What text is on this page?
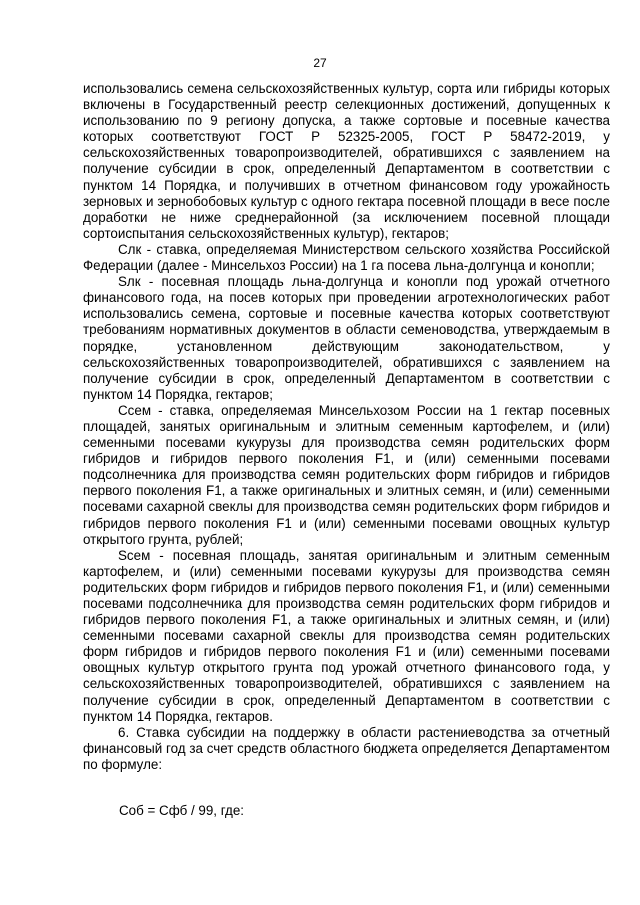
27

использовались семена сельскохозяйственных культур, сорта или гибриды которых включены в Государственный реестр селекционных достижений, допущенных к использованию по 9 региону допуска, а также сортовые и посевные качества которых соответствуют ГОСТ Р 52325-2005, ГОСТ Р 58472-2019, у сельскохозяйственных товаропроизводителей, обратившихся с заявлением на получение субсидии в срок, определенный Департаментом в соответствии с пунктом 14 Порядка, и получивших в отчетном финансовом году урожайность зерновых и зернобобовых культур с одного гектара посевной площади в весе после доработки не ниже среднерайонной (за исключением посевной площади сортоиспытания сельскохозяйственных культур), гектаров;

Слк - ставка, определяемая Министерством сельского хозяйства Российской Федерации (далее - Минсельхоз России) на 1 га посева льна-долгунца и конопли;

Sлк - посевная площадь льна-долгунца и конопли под урожай отчетного финансового года, на посев которых при проведении агротехнологических работ использовались семена, сортовые и посевные качества которых соответствуют требованиям нормативных документов в области семеноводства, утверждаемым в порядке, установленном действующим законодательством, у сельскохозяйственных товаропроизводителей, обратившихся с заявлением на получение субсидии в срок, определенный Департаментом в соответствии с пунктом 14 Порядка, гектаров;

Ссем - ставка, определяемая Минсельхозом России на 1 гектар посевных площадей, занятых оригинальным и элитным семенным картофелем, и (или) семенными посевами кукурузы для производства семян родительских форм гибридов и гибридов первого поколения F1, и (или) семенными посевами подсолнечника для производства семян родительских форм гибридов и гибридов первого поколения F1, а также оригинальных и элитных семян, и (или) семенными посевами сахарной свеклы для производства семян родительских форм гибридов и гибридов первого поколения F1 и (или) семенными посевами овощных культур открытого грунта, рублей;

Sсем - посевная площадь, занятая оригинальным и элитным семенным картофелем, и (или) семенными посевами кукурузы для производства семян родительских форм гибридов и гибридов первого поколения F1, и (или) семенными посевами подсолнечника для производства семян родительских форм гибридов и гибридов первого поколения F1, а также оригинальных и элитных семян, и (или) семенными посевами сахарной свеклы для производства семян родительских форм гибридов и гибридов первого поколения F1 и (или) семенными посевами овощных культур открытого грунта под урожай отчетного финансового года, у сельскохозяйственных товаропроизводителей, обратившихся с заявлением на получение субсидии в срок, определенный Департаментом в соответствии с пунктом 14 Порядка, гектаров.

6. Ставка субсидии на поддержку в области растениеводства за отчетный финансовый год за счет средств областного бюджета определяется Департаментом по формуле:

Соб = Сфб / 99, где:
